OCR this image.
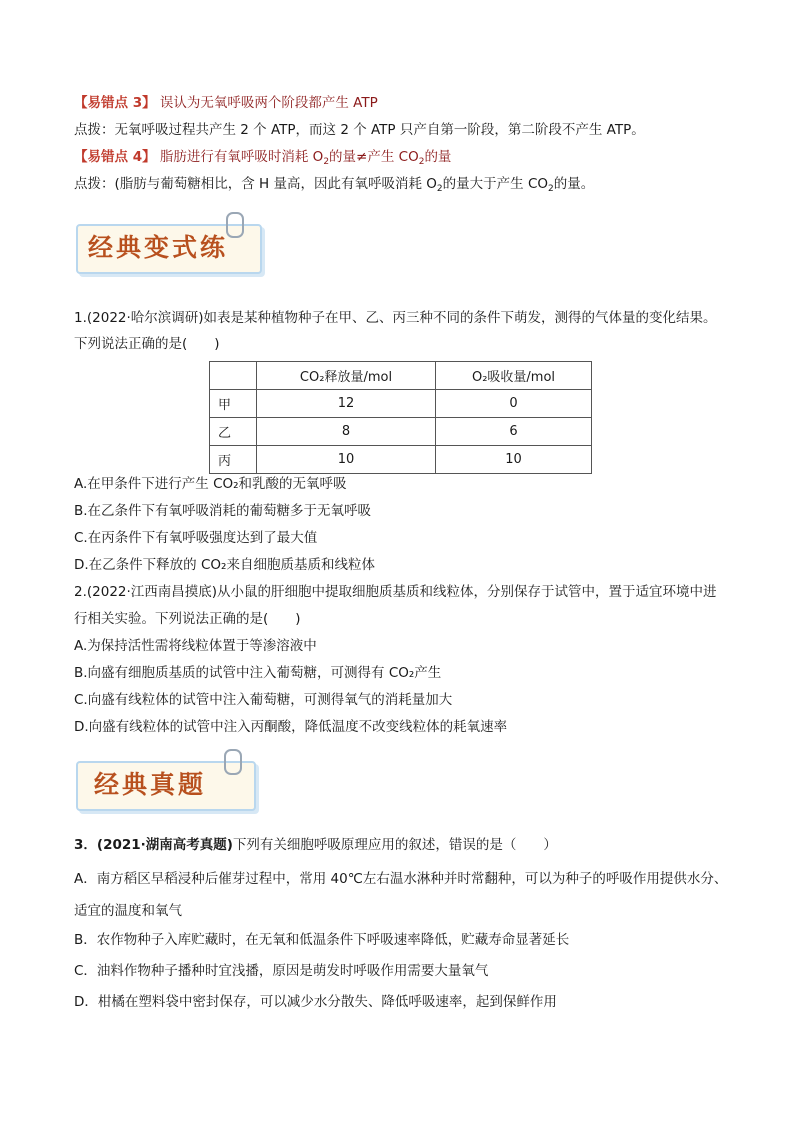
【易错点 3】 误认为无氧呼吸两个阶段都产生 ATP
点拨：无氧呼吸过程共产生 2 个 ATP，而这 2 个 ATP 只产自第一阶段，第二阶段不产生 ATP。
【易错点 4】 脂肪进行有氧呼吸时消耗 $O_2$的量≠产生 $CO_2$的量
点拨：(脂肪与葡萄糖相比，含 H 量高，因此有氧呼吸消耗 $O_2$的量大于产生 $CO_2$的量。
经典变式练
1.(2022·哈尔滨调研)如表是某种植物种子在甲、乙、丙三种不同的条件下萌发，测得的气体量的变化结果。
下列说法正确的是(　　)
	CO₂释放量/mol	O₂吸收量/mol
甲	12	0
乙	8	6
丙	10	10
A.在甲条件下进行产生 CO₂和乳酸的无氧呼吸
B.在乙条件下有氧呼吸消耗的葡萄糖多于无氧呼吸
C.在丙条件下有氧呼吸强度达到了最大值
D.在乙条件下释放的 CO₂来自细胞质基质和线粒体
2.(2022·江西南昌摸底)从小鼠的肝细胞中提取细胞质基质和线粒体，分别保存于试管中，置于适宜环境中进
行相关实验。下列说法正确的是(　　)
A.为保持活性需将线粒体置于等渗溶液中
B.向盛有细胞质基质的试管中注入葡萄糖，可测得有 CO₂产生
C.向盛有线粒体的试管中注入葡萄糖，可测得氧气的消耗量加大
D.向盛有线粒体的试管中注入丙酮酸，降低温度不改变线粒体的耗氧速率
经典真题
3．(2021·湖南高考真题)下列有关细胞呼吸原理应用的叙述，错误的是（　　）
A．南方稻区早稻浸种后催芽过程中，常用 40℃左右温水淋种并时常翻种，可以为种子的呼吸作用提供水分、
适宜的温度和氧气
B．农作物种子入库贮藏时，在无氧和低温条件下呼吸速率降低，贮藏寿命显著延长
C．油料作物种子播种时宜浅播，原因是萌发时呼吸作用需要大量氧气
D．柑橘在塑料袋中密封保存，可以减少水分散失、降低呼吸速率，起到保鲜作用
